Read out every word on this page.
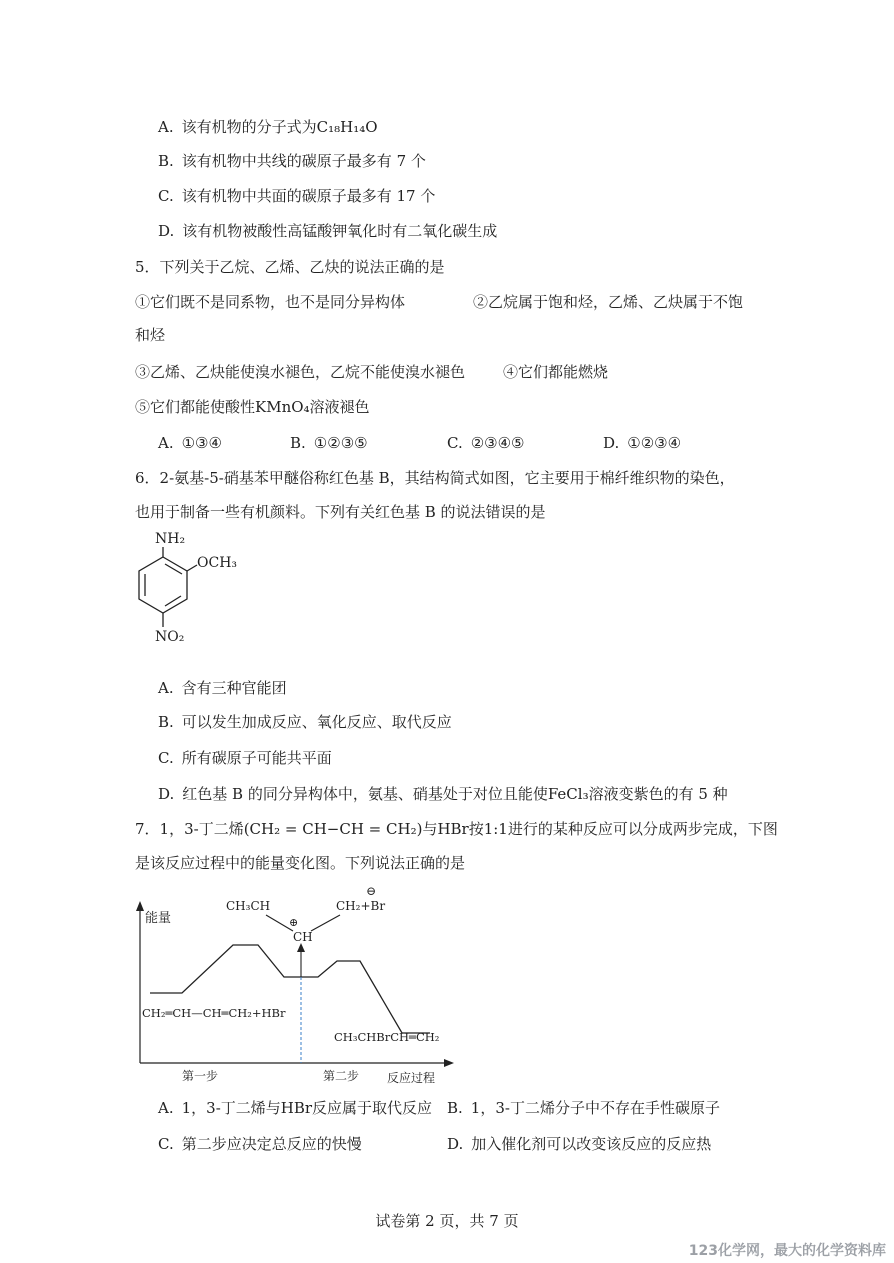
A. 该有机物的分子式为C₁₈H₁₄O
B. 该有机物中共线的碳原子最多有 7 个
C. 该有机物中共面的碳原子最多有 17 个
D. 该有机物被酸性高锰酸钾氧化时有二氧化碳生成
5．下列关于乙烷、乙烯、乙炔的说法正确的是
①它们既不是同系物，也不是同分异构体	②乙烷属于饱和烃，乙烯、乙炔属于不饱
和烃
③乙烯、乙炔能使溴水褪色，乙烷不能使溴水褪色	④它们都能燃烧
⑤它们都能使酸性KMnO₄溶液褪色
A. ①③④	B. ①②③⑤	C. ②③④⑤	D. ①②③④
6．2-氨基-5-硝基苯甲醚俗称红色基 B，其结构简式如图，它主要用于棉纤维织物的染色，
也用于制备一些有机颜料。下列有关红色基 B 的说法错误的是
NH₂
OCH₃
NO₂
A. 含有三种官能团
B. 可以发生加成反应、氧化反应、取代反应
C. 所有碳原子可能共平面
D. 红色基 B 的同分异构体中，氨基、硝基处于对位且能使FeCl₃溶液变紫色的有 5 种
7．1，3-丁二烯(CH₂ = CH−CH = CH₂)与HBr按1:1进行的某种反应可以分成两步完成，下图
是该反应过程中的能量变化图。下列说法正确的是
能量
CH₃CH
⊕
CH
CH₂+Br
⊖
CH₂═CH—CH═CH₂+HBr
CH₃CHBrCH═CH₂
第一步	第二步 反应过程
A. 1，3-丁二烯与HBr反应属于取代反应 B. 1，3-丁二烯分子中不存在手性碳原子
C. 第二步应决定总反应的快慢	D. 加入催化剂可以改变该反应的反应热
试卷第 2 页，共 7 页
123化学网，最大的化学资料库
